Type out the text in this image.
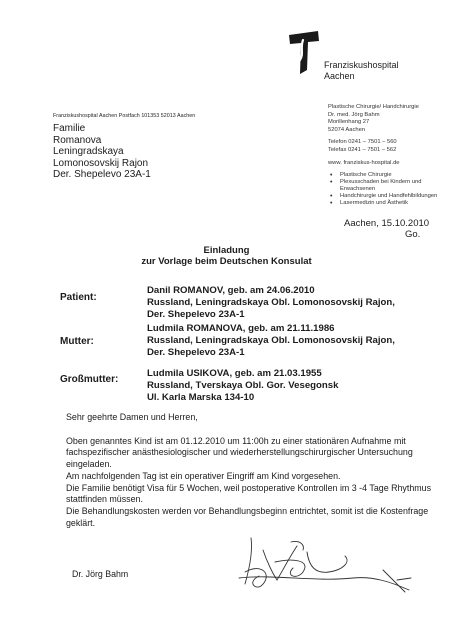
Franziskushospital
Aachen
Franziskushospital Aachen Postfach 101353 52013 Aachen
Familie
Romanova
Leningradskaya
Lomonosovskij Rajon
Der. Shepelevo 23A-1
Plastische Chirurgie/ Handchirurgie
Dr. med. Jörg Bahm
Morillenhang 27
52074 Aachen
Telefon 0241 – 7501 – 560
Telefax 0241 – 7501 – 562
www. franziskus-hospital.de
• Plastische Chirurgie
• Plexusschaden bei Kindern und Erwachsenen
• Handchirurgie und Handfehlbildungen
• Lasermedizin und Ästhetik
Aachen, 15.10.2010
Go.
Einladung
zur Vorlage beim Deutschen Konsulat
Patient:
Danil ROMANOV, geb. am 24.06.2010
Russland, Leningradskaya Obl. Lomonosovskij Rajon,
Der. Shepelevo 23A-1
Mutter:
Ludmila ROMANOVA, geb. am 21.11.1986
Russland, Leningradskaya Obl. Lomonosovskij Rajon,
Der. Shepelevo 23A-1
Großmutter:
Ludmila USIKOVA, geb. am 21.03.1955
Russland, Tverskaya Obl. Gor. Vesegonsk
Ul. Karla Marska 134-10

Sehr geehrte Damen und Herren,

Oben genanntes Kind ist am 01.12.2010 um 11:00h zu einer stationären Aufnahme mit fachspezifischer anästhesiologischer und wiederherstellungschirurgischer Untersuchung eingeladen.

Am nachfolgenden Tag ist ein operativer Eingriff am Kind vorgesehen.

Die Familie benötigt Visa für 5 Wochen, weil postoperative Kontrollen im 3 -4 Tage Rhythmus stattfinden müssen.

Die Behandlungskosten werden vor Behandlungsbeginn entrichtet, somit ist die Kostenfrage geklärt.

Dr. Jörg Bahm
